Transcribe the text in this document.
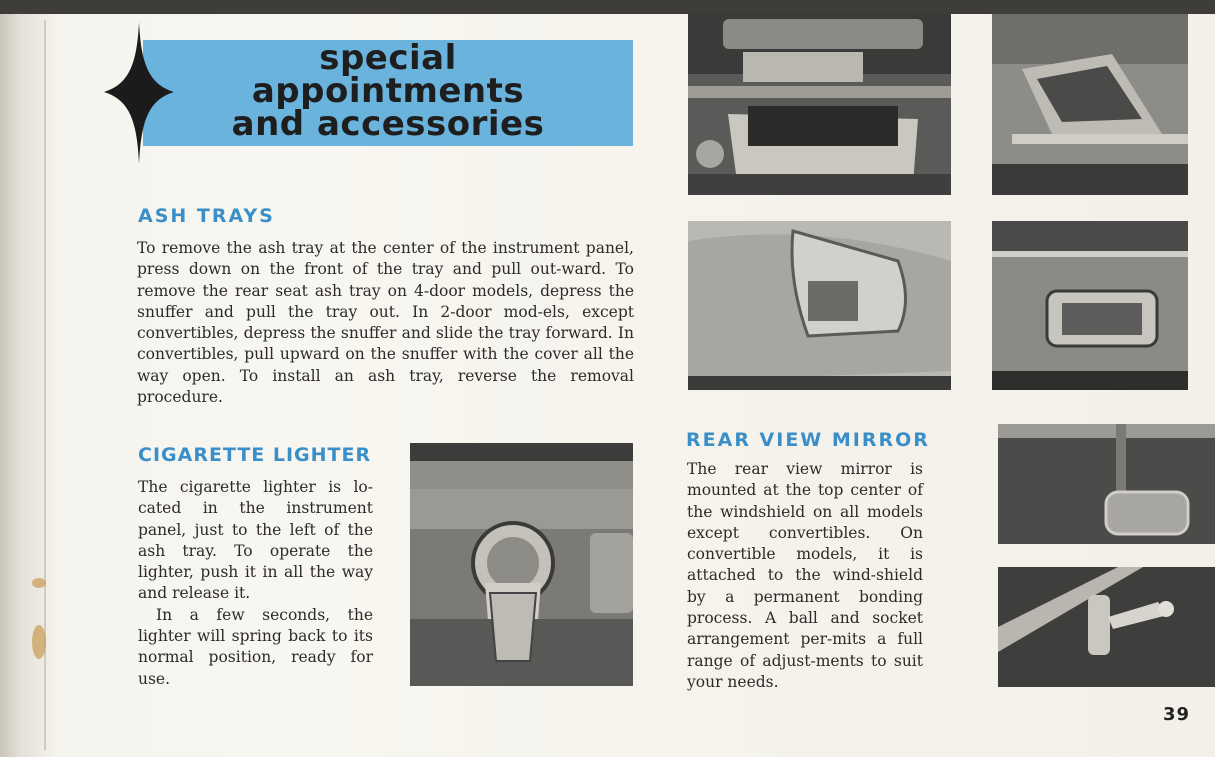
special
appointments
and accessories
ASH TRAYS

To remove the ash tray at the center of the instrument panel, press down on the front of the tray and pull out-ward. To remove the rear seat ash tray on 4-door models, depress the snuffer and pull the tray out. In 2-door mod-els, except convertibles, depress the snuffer and slide the tray forward. In convertibles, pull upward on the snuffer with the cover all the way open. To install an ash tray, reverse the removal procedure.

CIGARETTE LIGHTER

The cigarette lighter is lo-cated in the instrument panel, just to the left of the ash tray. To operate the lighter, push it in all the way and release it.

In a few seconds, the lighter will spring back to its normal position, ready for use.

REAR VIEW MIRROR

The rear view mirror is mounted at the top center of the windshield on all models except convertibles. On convertible models, it is attached to the wind-shield by a permanent bonding process. A ball and socket arrangement per-mits a full range of adjust-ments to suit your needs.

39
